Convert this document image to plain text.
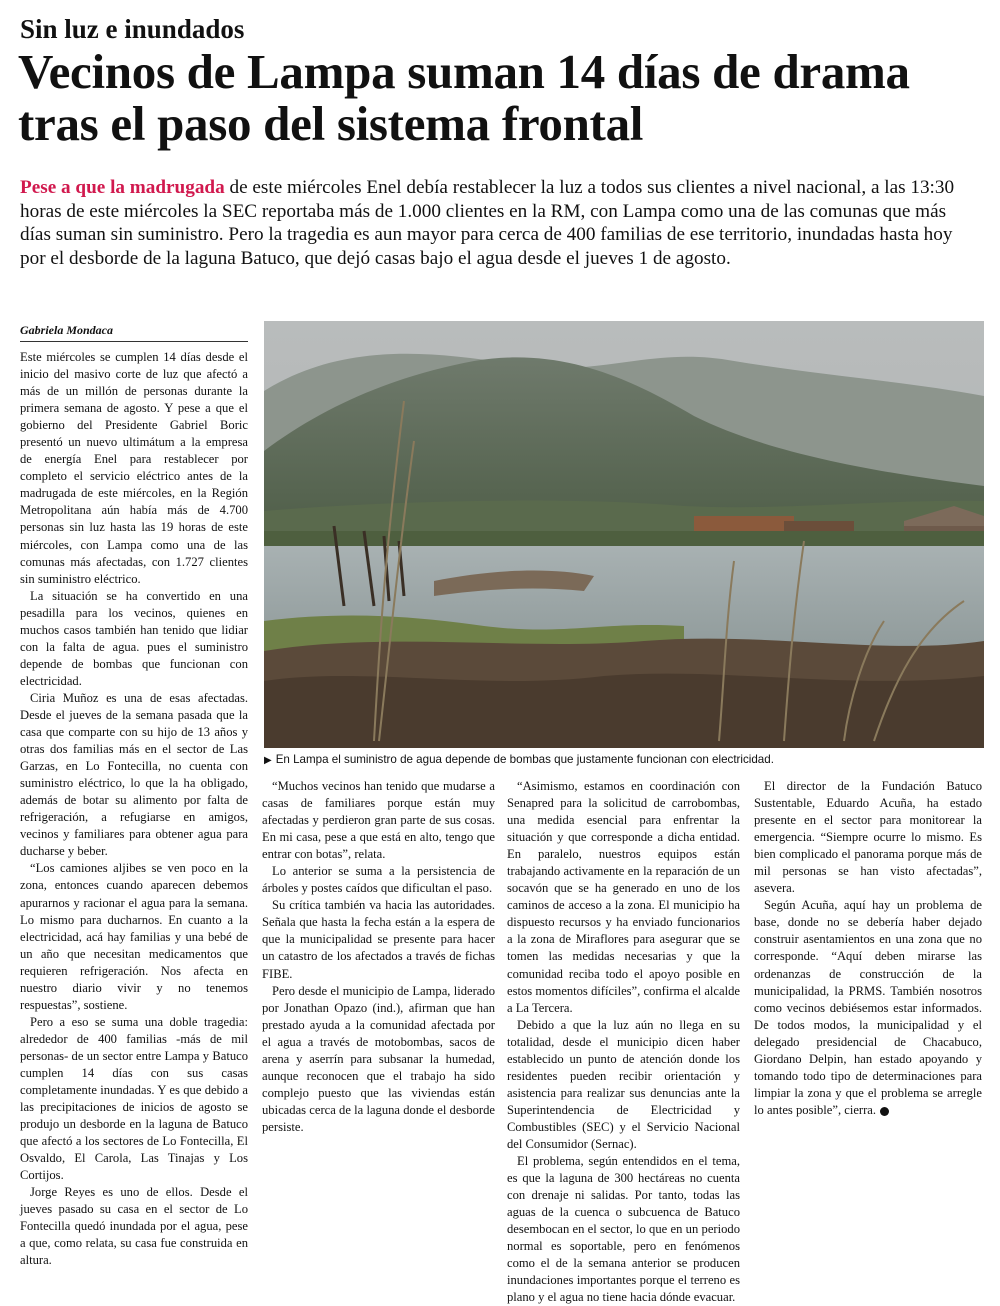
Sin luz e inundados
Vecinos de Lampa suman 14 días de drama tras el paso del sistema frontal

Pese a que la madrugada de este miércoles Enel debía restablecer la luz a todos sus clientes a nivel nacional, a las 13:30 horas de este miércoles la SEC reportaba más de 1.000 clientes en la RM, con Lampa como una de las comunas que más días suman sin suministro. Pero la tragedia es aun mayor para cerca de 400 familias de ese territorio, inundadas hasta hoy por el desborde de la laguna Batuco, que dejó casas bajo el agua desde el jueves 1 de agosto.

Gabriela Mondaca

Este miércoles se cumplen 14 días desde el inicio del masivo corte de luz que afectó a más de un millón de personas durante la primera semana de agosto. Y pese a que el gobierno del Presidente Gabriel Boric presentó un nuevo ultimátum a la empresa de energía Enel para restablecer por completo el servicio eléctrico antes de la madrugada de este miércoles, en la Región Metropolitana aún había más de 4.700 personas sin luz hasta las 19 horas de este miércoles, con Lampa como una de las comunas más afectadas, con 1.727 clientes sin suministro eléctrico.

La situación se ha convertido en una pesadilla para los vecinos, quienes en muchos casos también han tenido que lidiar con la falta de agua. pues el suministro depende de bombas que funcionan con electricidad.

Ciria Muñoz es una de esas afectadas. Desde el jueves de la semana pasada que la casa que comparte con su hijo de 13 años y otras dos familias más en el sector de Las Garzas, en Lo Fontecilla, no cuenta con suministro eléctrico, lo que la ha obligado, además de botar su alimento por falta de refrigeración, a refugiarse en amigos, vecinos y familiares para obtener agua para ducharse y beber.

“Los camiones aljibes se ven poco en la zona, entonces cuando aparecen debemos apurarnos y racionar el agua para la semana. Lo mismo para ducharnos. En cuanto a la electricidad, acá hay familias y una bebé de un año que necesitan medicamentos que requieren refrigeración. Nos afecta en nuestro diario vivir y no tenemos respuestas”, sostiene.

Pero a eso se suma una doble tragedia: alrededor de 400 familias -más de mil personas- de un sector entre Lampa y Batuco cumplen 14 días con sus casas completamente inundadas. Y es que debido a las precipitaciones de inicios de agosto se produjo un desborde en la laguna de Batuco que afectó a los sectores de Lo Fontecilla, El Osvaldo, El Carola, Las Tinajas y Los Cortijos.

Jorge Reyes es uno de ellos. Desde el jueves pasado su casa en el sector de Lo Fontecilla quedó inundada por el agua, pese a que, como relata, su casa fue construida en altura.

▶ En Lampa el suministro de agua depende de bombas que justamente funcionan con electricidad.

“Muchos vecinos han tenido que mudarse a casas de familiares porque están muy afectadas y perdieron gran parte de sus cosas. En mi casa, pese a que está en alto, tengo que entrar con botas”, relata.

Lo anterior se suma a la persistencia de árboles y postes caídos que dificultan el paso.

Su crítica también va hacia las autoridades. Señala que hasta la fecha están a la espera de que la municipalidad se presente para hacer un catastro de los afectados a través de fichas FIBE.

Pero desde el municipio de Lampa, liderado por Jonathan Opazo (ind.), afirman que han prestado ayuda a la comunidad afectada por el agua a través de motobombas, sacos de arena y aserrín para subsanar la humedad, aunque reconocen que el trabajo ha sido complejo puesto que las viviendas están ubicadas cerca de la laguna donde el desborde persiste.

“Asimismo, estamos en coordinación con Senapred para la solicitud de carrobombas, una medida esencial para enfrentar la situación y que corresponde a dicha entidad. En paralelo, nuestros equipos están trabajando activamente en la reparación de un socavón que se ha generado en uno de los caminos de acceso a la zona. El municipio ha dispuesto recursos y ha enviado funcionarios a la zona de Miraflores para asegurar que se tomen las medidas necesarias y que la comunidad reciba todo el apoyo posible en estos momentos difíciles”, confirma el alcalde a La Tercera.

Debido a que la luz aún no llega en su totalidad, desde el municipio dicen haber establecido un punto de atención donde los residentes pueden recibir orientación y asistencia para realizar sus denuncias ante la Superintendencia de Electricidad y Combustibles (SEC) y el Servicio Nacional del Consumidor (Sernac).

El problema, según entendidos en el tema, es que la laguna de 300 hectáreas no cuenta con drenaje ni salidas. Por tanto, todas las aguas de la cuenca o subcuenca de Batuco desembocan en el sector, lo que en un periodo normal es soportable, pero en fenómenos como el de la semana anterior se producen inundaciones importantes porque el terreno es plano y el agua no tiene hacia dónde evacuar.

El director de la Fundación Batuco Sustentable, Eduardo Acuña, ha estado presente en el sector para monitorear la emergencia. “Siempre ocurre lo mismo. Es bien complicado el panorama porque más de mil personas se han visto afectadas”, asevera.

Según Acuña, aquí hay un problema de base, donde no se debería haber dejado construir asentamientos en una zona que no corresponde. “Aquí deben mirarse las ordenanzas de construcción de la municipalidad, la PRMS. También nosotros como vecinos debiésemos estar informados. De todos modos, la municipalidad y el delegado presidencial de Chacabuco, Giordano Delpin, han estado apoyando y tomando todo tipo de determinaciones para limpiar la zona y que el problema se arregle lo antes posible”, cierra.
